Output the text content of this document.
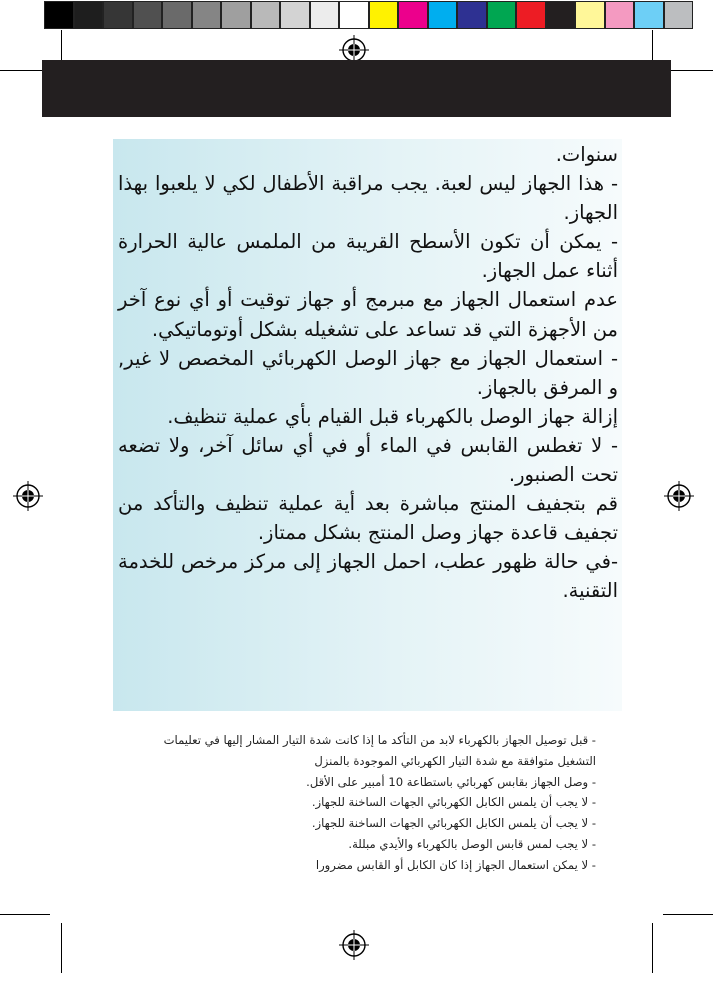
سنوات.

- هذا الجهاز ليس لعبة. يجب مراقبة الأطفال لكي لا يلعبوا بهذا الجهاز.

- يمكن أن تكون الأسطح القريبة من الملمس عالية الحرارة أثناء عمل الجهاز.

عدم استعمال الجهاز مع مبرمج أو جهاز توقيت أو أي نوع آخر من الأجهزة التي قد تساعد على تشغيله بشكل أوتوماتيكي.

- استعمال الجهاز مع جهاز الوصل الكهربائي المخصص لا غير, و المرفق بالجهاز.

إزالة جهاز الوصل بالكهرباء قبل القيام بأي عملية تنظيف.

- لا تغطس القابس في الماء أو في أي سائل آخر، ولا تضعه تحت الصنبور.

قم بتجفيف المنتج مباشرة بعد أية عملية تنظيف والتأكد من تجفيف قاعدة جهاز وصل المنتج بشكل ممتاز.

-في حالة ظهور عطب، احمل الجهاز إلى مركز مرخص للخدمة التقنية.

- قبل توصيل الجهاز بالكهرباء لابد من التأكد ما إذا كانت شدة التيار المشار إليها في تعليمات التشغيل متوافقة مع شدة التيار الكهربائي الموجودة بالمنزل

- وصل الجهاز بقابس كهربائي باستطاعة 10 أمبير على الأقل.

- لا يجب أن يلمس الكابل الكهربائي الجهات الساخنة للجهاز.

- لا يجب أن يلمس الكابل الكهربائي الجهات الساخنة للجهاز.

- لا يجب لمس قابس الوصل بالكهرباء والأيدي مبللة.

- لا يمكن استعمال الجهاز إذا كان الكابل أو القابس مضرورا
